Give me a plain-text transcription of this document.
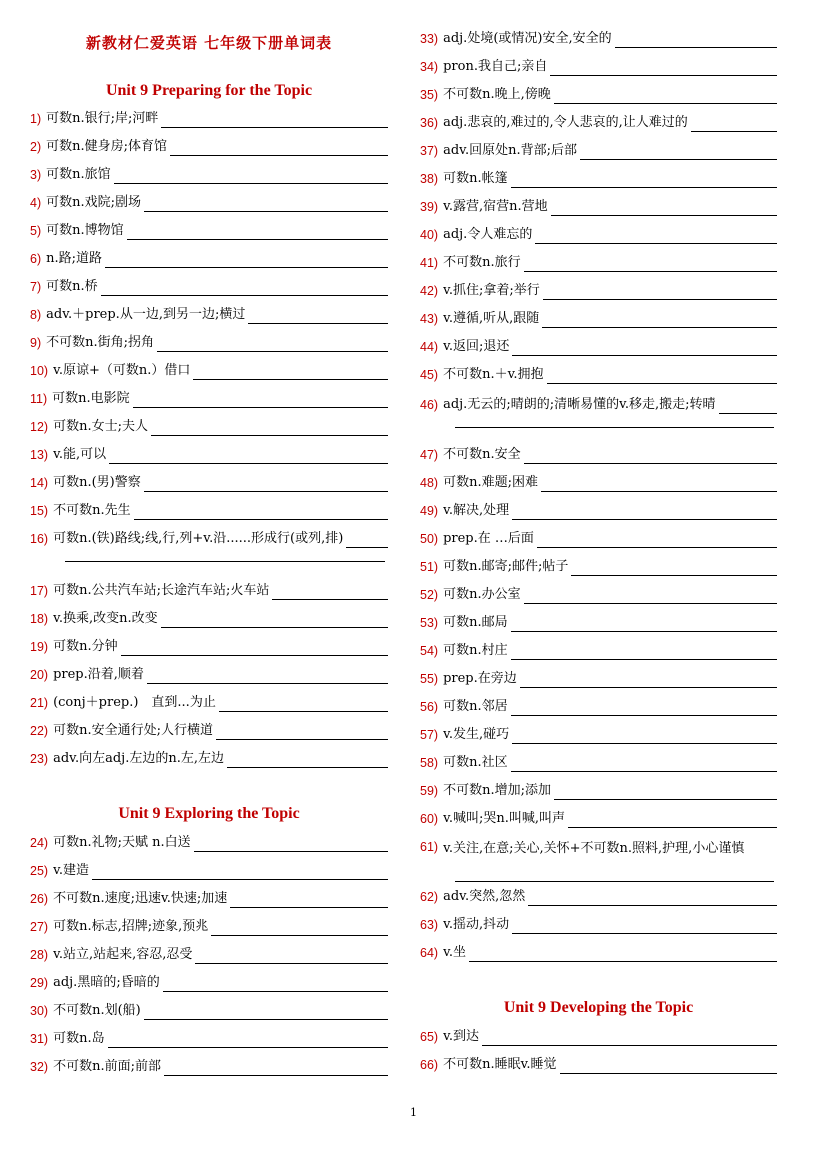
新教材仁爱英语 七年级下册单词表
Unit 9 Preparing for the Topic
1) 可数n.银行;岸;河畔
2) 可数n.健身房;体育馆
3) 可数n.旅馆
4) 可数n.戏院;剧场
5) 可数n.博物馆
6) n.路;道路
7) 可数n.桥
8) adv.＋prep.从一边,到另一边;横过
9) 不可数n.街角;拐角
10) v.原谅+（可数n.）借口
11) 可数n.电影院
12) 可数n.女士;夫人
13) v.能,可以
14) 可数n.(男)警察
15) 不可数n.先生
16) 可数n.(铁)路线;线,行,列+v.沿......形成行(或列,排)
17) 可数n.公共汽车站;长途汽车站;火车站
18) v.换乘,改变n.改变
19) 可数n.分钟
20) prep.沿着,顺着
21) (conj＋prep.)　直到...为止
22) 可数n.安全通行处;人行横道
23) adv.向左adj.左边的n.左,左边
24) 可数n.礼物;天赋 n.白送
25) v.建造
26) 不可数n.速度;迅速v.快速;加速
27) 可数n.标志,招牌;迹象,预兆
28) v.站立,站起来,容忍,忍受
29) adj.黑暗的;昏暗的
30) 不可数n.划(船)
31) 可数n.岛
32) 不可数n.前面;前部
Unit 9 Exploring the Topic
33) adj.处境(或情况)安全,安全的
34) pron.我自己;亲自
35) 不可数n.晚上,傍晚
36) adj.悲哀的,难过的,令人悲哀的,让人难过的
37) adv.回原处n.背部;后部
38) 可数n.帐篷
39) v.露营,宿营n.营地
40) adj.令人难忘的
41) 不可数n.旅行
42) v.抓住;拿着;举行
43) v.遵循,听从,跟随
44) v.返回;退还
45) 不可数n.＋v.拥抱
46) adj.无云的;晴朗的;清晰易懂的v.移走,搬走;转晴
47) 不可数n.安全
48) 可数n.难题;困难
49) v.解决,处理
50) prep.在 …后面
51) 可数n.邮寄;邮件;帖子
52) 可数n.办公室
53) 可数n.邮局
54) 可数n.村庄
55) prep.在旁边
56) 可数n.邻居
57) v.发生,碰巧
58) 可数n.社区
59) 不可数n.增加;添加
60) v.喊叫;哭n.叫喊,叫声
61) v.关注,在意;关心,关怀+不可数n.照料,护理,小心谨慎
62) adv.突然,忽然
63) v.摇动,抖动
64) v.坐
65) v.到达
66) 不可数n.睡眠v.睡觉
Unit 9 Developing the Topic
1
